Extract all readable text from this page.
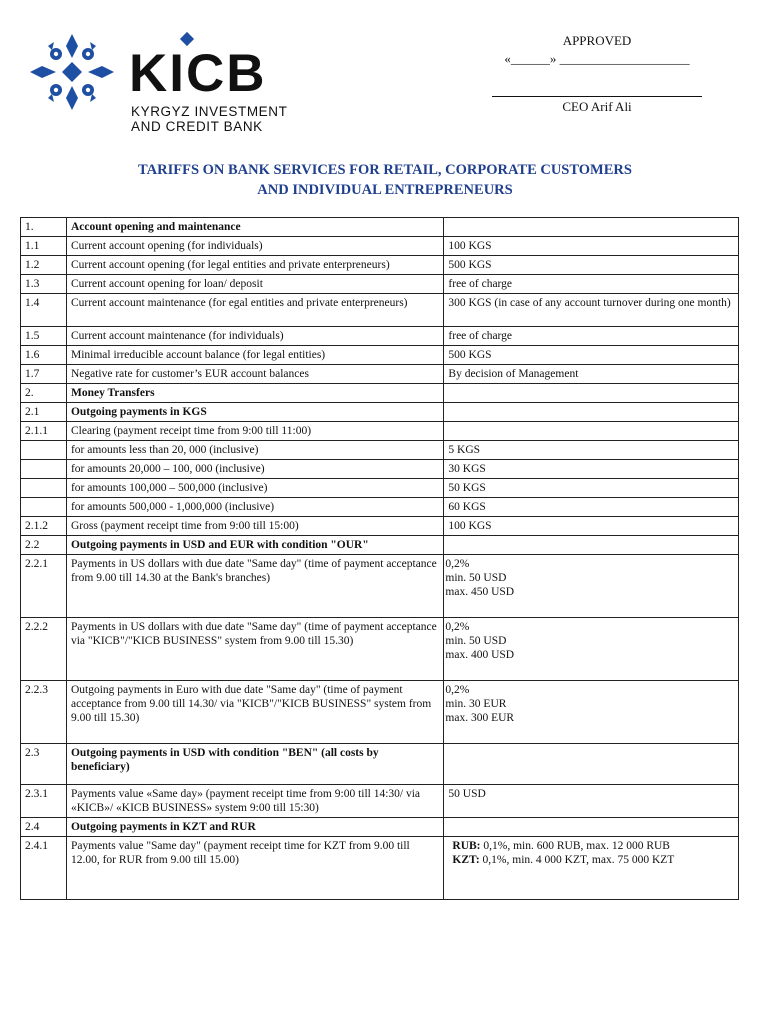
KICB
KYRGYZ INVESTMENT
AND CREDIT BANK
APPROVED
«______» ____________________
CEO Arif Ali
TARIFFS ON BANK SERVICES FOR RETAIL, CORPORATE CUSTOMERS
AND INDIVIDUAL ENTREPRENEURS
1.	Account opening and maintenance	
1.1	Current account opening (for individuals)	100 KGS
1.2	Current account opening (for legal entities and private enterpreneurs)	500 KGS
1.3	Current account opening for loan/ deposit	free of charge
1.4	Current account maintenance (for egal entities and private enterpreneurs)	300 KGS (in case of any account turnover during one month)
1.5	Current account maintenance (for individuals)	free of charge
1.6	Minimal irreducible account balance (for legal entities)	500 KGS
1.7	Negative rate for customer’s EUR account balances	By decision of Management
2.	Money Transfers	
2.1	Outgoing payments in KGS	
2.1.1	Clearing (payment receipt time from 9:00 till 11:00)	
	for amounts less than 20, 000 (inclusive)	5 KGS
	for amounts 20,000 – 100, 000 (inclusive)	30 KGS
	for amounts 100,000 – 500,000 (inclusive)	50 KGS
	for amounts 500,000 - 1,000,000 (inclusive)	60 KGS
2.1.2	Gross (payment receipt time from 9:00 till 15:00)	100 KGS
2.2	Outgoing payments in USD and EUR with condition "OUR"	
2.2.1	Payments in US dollars with due date "Same day" (time of payment acceptance from 9.00 till 14.30 at the Bank's branches)	0,2%
min. 50 USD
max. 450 USD
2.2.2	Payments in US dollars with due date "Same day" (time of payment acceptance via "KICB"/"KICB BUSINESS" system from 9.00 till 15.30)	0,2%
min. 50 USD
max. 400 USD
2.2.3	Outgoing payments in Euro with due date "Same day" (time of payment acceptance from 9.00 till 14.30/ via "KICB"/"KICB BUSINESS" system from 9.00 till 15.30)	0,2%
min. 30 EUR
max. 300 EUR
2.3	Outgoing payments in USD with condition "BEN" (all costs by beneficiary)	
2.3.1	Payments value «Same day» (payment receipt time from 9:00 till 14:30/ via «KICB»/ «KICB BUSINESS» system 9:00 till 15:30)	50 USD
2.4	Outgoing payments in KZT and RUR	
2.4.1	Payments value "Same day" (payment receipt time for KZT from 9.00 till 12.00, for RUR from 9.00 till 15.00)	RUB: 0,1%, min. 600 RUB, max. 12 000 RUB
KZT: 0,1%, min. 4 000 KZT, max. 75 000 KZT
